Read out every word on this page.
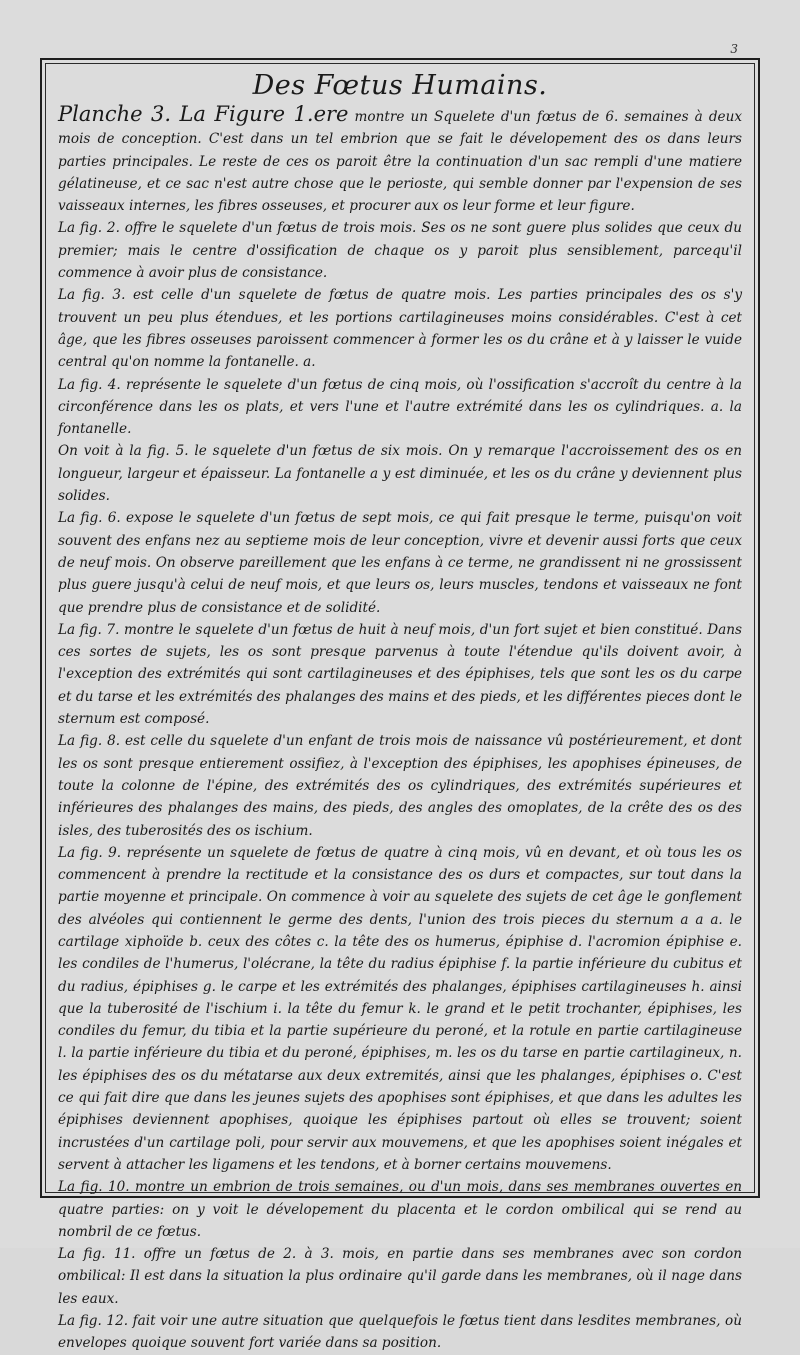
3
Des Fœtus Humains.

Planche 3. La Figure 1.ere montre un Squelete d'un fœtus de 6. semaines à deux mois de conception. C'est dans un tel embrion que se fait le dévelopement des os dans leurs parties principales. Le reste de ces os paroit être la continuation d'un sac rempli d'une matiere gélatineuse, et ce sac n'est autre chose que le perioste, qui semble donner par l'expension de ses vaisseaux internes, les fibres osseuses, et procurer aux os leur forme et leur figure.

La fig. 2. offre le squelete d'un fœtus de trois mois. Ses os ne sont guere plus solides que ceux du premier; mais le centre d'ossification de chaque os y paroit plus sensiblement, parcequ'il commence à avoir plus de consistance.

La fig. 3. est celle d'un squelete de fœtus de quatre mois. Les parties principales des os s'y trouvent un peu plus étendues, et les portions cartilagineuses moins considérables. C'est à cet âge, que les fibres osseuses paroissent commencer à former les os du crâne et à y laisser le vuide central qu'on nomme la fontanelle. a.

La fig. 4. représente le squelete d'un fœtus de cinq mois, où l'ossification s'accroît du centre à la circonférence dans les os plats, et vers l'une et l'autre extrémité dans les os cylindriques. a. la fontanelle.

On voit à la fig. 5. le squelete d'un fœtus de six mois. On y remarque l'accroissement des os en longueur, largeur et épaisseur. La fontanelle a y est diminuée, et les os du crâne y deviennent plus solides.

La fig. 6. expose le squelete d'un fœtus de sept mois, ce qui fait presque le terme, puisqu'on voit souvent des enfans nez au septieme mois de leur conception, vivre et devenir aussi forts que ceux de neuf mois. On observe pareillement que les enfans à ce terme, ne grandissent ni ne grossissent plus guere jusqu'à celui de neuf mois, et que leurs os, leurs muscles, tendons et vaisseaux ne font que prendre plus de consistance et de solidité.

La fig. 7. montre le squelete d'un fœtus de huit à neuf mois, d'un fort sujet et bien constitué. Dans ces sortes de sujets, les os sont presque parvenus à toute l'étendue qu'ils doivent avoir, à l'exception des extrémités qui sont cartilagineuses et des épiphises, tels que sont les os du carpe et du tarse et les extrémités des phalanges des mains et des pieds, et les différentes pieces dont le sternum est composé.

La fig. 8. est celle du squelete d'un enfant de trois mois de naissance vû postérieurement, et dont les os sont presque entierement ossifiez, à l'exception des épiphises, les apophises épineuses, de toute la colonne de l'épine, des extrémités des os cylindriques, des extrémités supérieures et inférieures des phalanges des mains, des pieds, des angles des omoplates, de la crête des os des isles, des tuberosités des os ischium.

La fig. 9. représente un squelete de fœtus de quatre à cinq mois, vû en devant, et où tous les os commencent à prendre la rectitude et la consistance des os durs et compactes, sur tout dans la partie moyenne et principale. On commence à voir au squelete des sujets de cet âge le gonflement des alvéoles qui contiennent le germe des dents, l'union des trois pieces du sternum a a a. le cartilage xiphoïde b. ceux des côtes c. la tête des os humerus, épiphise d. l'acromion épiphise e. les condiles de l'humerus, l'olécrane, la tête du radius épiphise f. la partie inférieure du cubitus et du radius, épiphises g. le carpe et les extrémités des phalanges, épiphises cartilagineuses h. ainsi que la tuberosité de l'ischium i. la tête du femur k. le grand et le petit trochanter, épiphises, les condiles du femur, du tibia et la partie supérieure du peroné, et la rotule en partie cartilagineuse l. la partie inférieure du tibia et du peroné, épiphises, m. les os du tarse en partie cartilagineux, n. les épiphises des os du métatarse aux deux extremités, ainsi que les phalanges, épiphises o. C'est ce qui fait dire que dans les jeunes sujets des apophises sont épiphises, et que dans les adultes les épiphises deviennent apophises, quoique les épiphises partout où elles se trouvent; soient incrustées d'un cartilage poli, pour servir aux mouvemens, et que les apophises soient inégales et servent à attacher les ligamens et les tendons, et à borner certains mouvemens.

La fig. 10. montre un embrion de trois semaines, ou d'un mois, dans ses membranes ouvertes en quatre parties: on y voit le dévelopement du placenta et le cordon ombilical qui se rend au nombril de ce fœtus.

La fig. 11. offre un fœtus de 2. à 3. mois, en partie dans ses membranes avec son cordon ombilical: Il est dans la situation la plus ordinaire qu'il garde dans les membranes, où il nage dans les eaux.

La fig. 12. fait voir une autre situation que quelquefois le fœtus tient dans lesdites membranes, où envelopes quoique souvent fort variée dans sa position.
